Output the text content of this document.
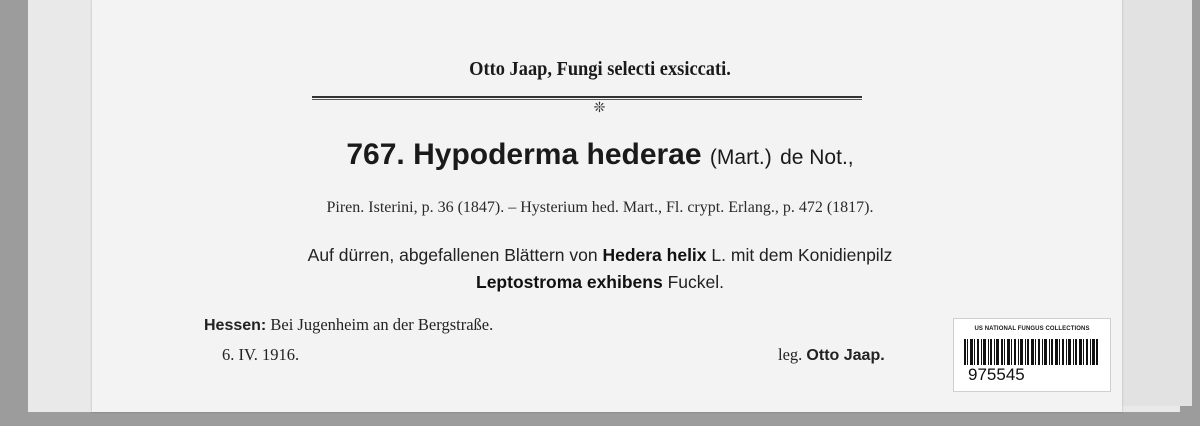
Otto Jaap, Fungi selecti exsiccati.
❊
767. Hypoderma hederae (Mart.) de Not.,
Piren. Isterini, p. 36 (1847). – Hysterium hed. Mart., Fl. crypt. Erlang., p. 472 (1817).
Auf dürren, abgefallenen Blättern von Hedera helix L. mit dem Konidienpilz
Leptostroma exhibens Fuckel.
Hessen: Bei Jugenheim an der Bergstraße.
6. IV. 1916.	leg. Otto Jaap.
US NATIONAL FUNGUS COLLECTIONS
975545
